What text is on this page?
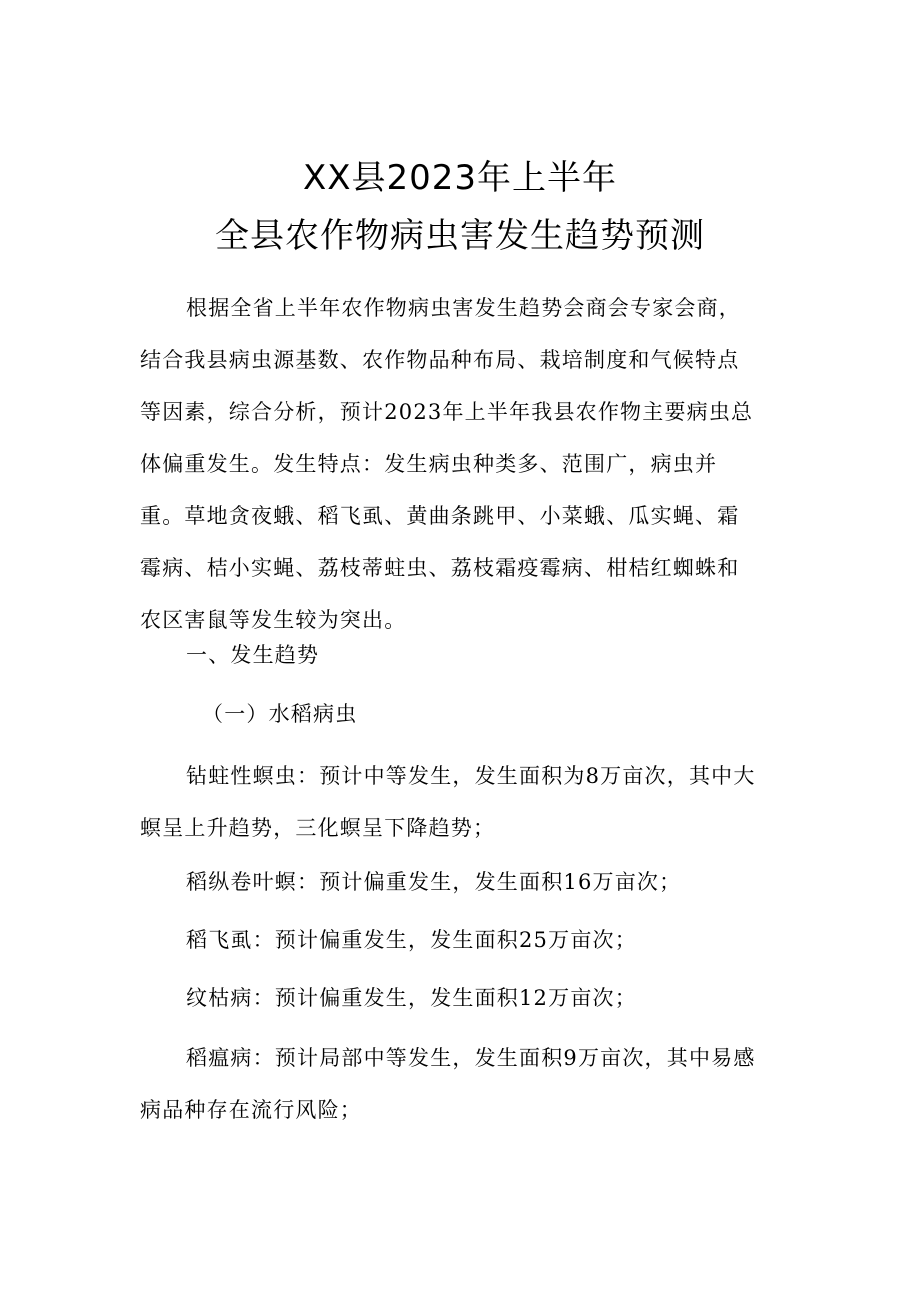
XX县2023年上半年
全县农作物病虫害发生趋势预测

根据全省上半年农作物病虫害发生趋势会商会专家会商，
结合我县病虫源基数、农作物品种布局、栽培制度和气候特点
等因素，综合分析，预计2023年上半年我县农作物主要病虫总
体偏重发生。发生特点：发生病虫种类多、范围广，病虫并
重。草地贪夜蛾、稻飞虱、黄曲条跳甲、小菜蛾、瓜实蝇、霜
霉病、桔小实蝇、荔枝蒂蛀虫、荔枝霜疫霉病、柑桔红蜘蛛和
农区害鼠等发生较为突出。

一、发生趋势
（一）水稻病虫

钻蛀性螟虫：预计中等发生，发生面积为8万亩次，其中大
螟呈上升趋势，三化螟呈下降趋势；

稻纵卷叶螟：预计偏重发生，发生面积16万亩次；
稻飞虱：预计偏重发生，发生面积25万亩次；
纹枯病：预计偏重发生，发生面积12万亩次；

稻瘟病：预计局部中等发生，发生面积9万亩次，其中易感
病品种存在流行风险；
